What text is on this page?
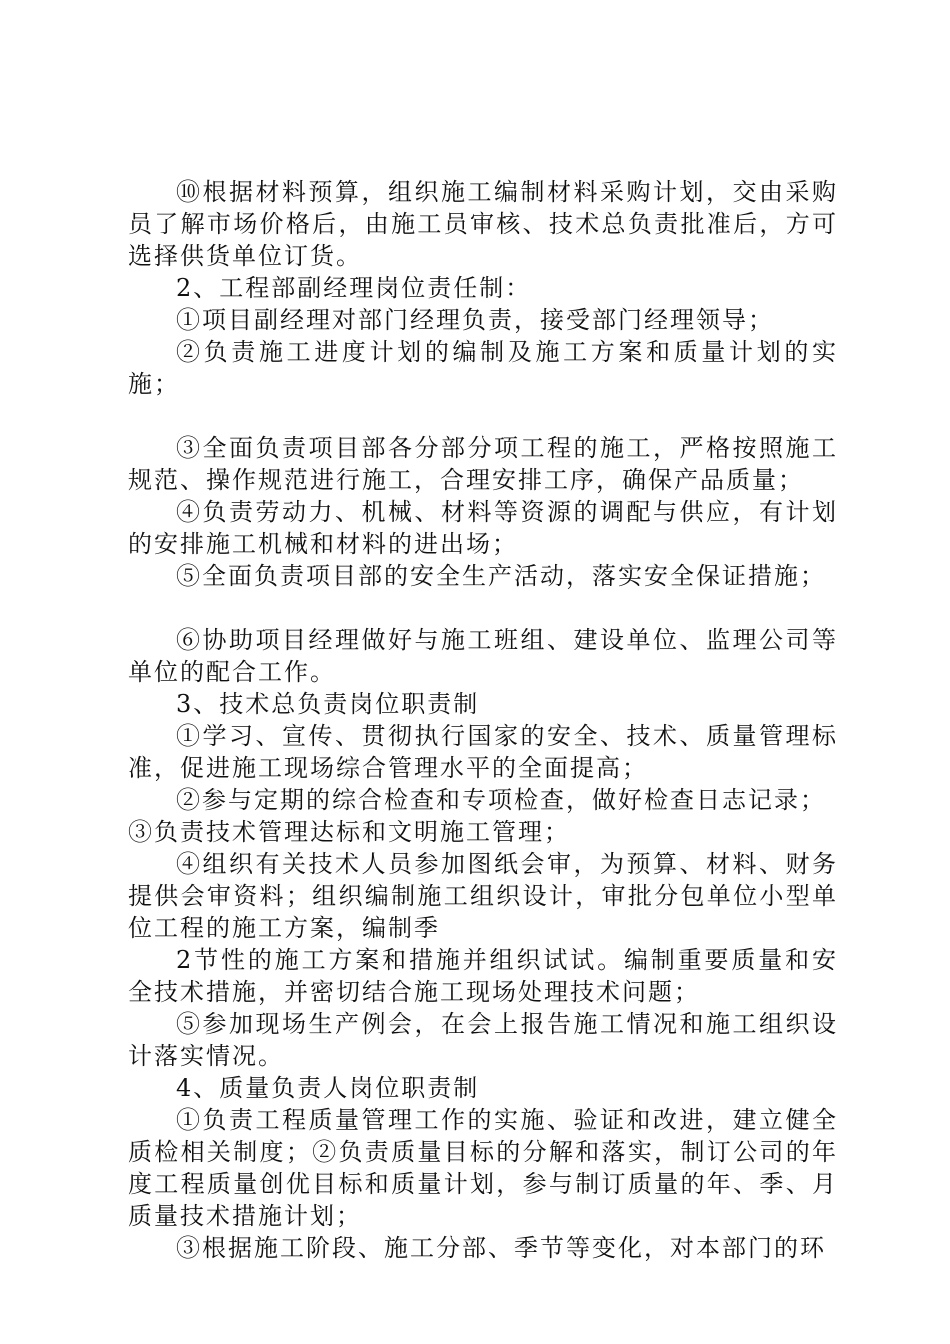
⑩根据材料预算，组织施工编制材料采购计划，交由采购员了解市场价格后，由施工员审核、技术总负责批准后，方可选择供货单位订货。
2、工程部副经理岗位责任制：
①项目副经理对部门经理负责，接受部门经理领导；
②负责施工进度计划的编制及施工方案和质量计划的实施；
③全面负责项目部各分部分项工程的施工，严格按照施工规范、操作规范进行施工，合理安排工序，确保产品质量；
④负责劳动力、机械、材料等资源的调配与供应，有计划的安排施工机械和材料的进出场；
⑤全面负责项目部的安全生产活动，落实安全保证措施；
⑥协助项目经理做好与施工班组、建设单位、监理公司等单位的配合工作。
3、技术总负责岗位职责制
①学习、宣传、贯彻执行国家的安全、技术、质量管理标准，促进施工现场综合管理水平的全面提高；
②参与定期的综合检查和专项检查，做好检查日志记录；
③负责技术管理达标和文明施工管理；
④组织有关技术人员参加图纸会审，为预算、材料、财务提供会审资料；组织编制施工组织设计，审批分包单位小型单位工程的施工方案，编制季
2节性的施工方案和措施并组织试试。编制重要质量和安全技术措施，并密切结合施工现场处理技术问题；
⑤参加现场生产例会，在会上报告施工情况和施工组织设计落实情况。
4、质量负责人岗位职责制
①负责工程质量管理工作的实施、验证和改进，建立健全质检相关制度；②负责质量目标的分解和落实，制订公司的年度工程质量创优目标和质量计划，参与制订质量的年、季、月质量技术措施计划；
③根据施工阶段、施工分部、季节等变化，对本部门的环
